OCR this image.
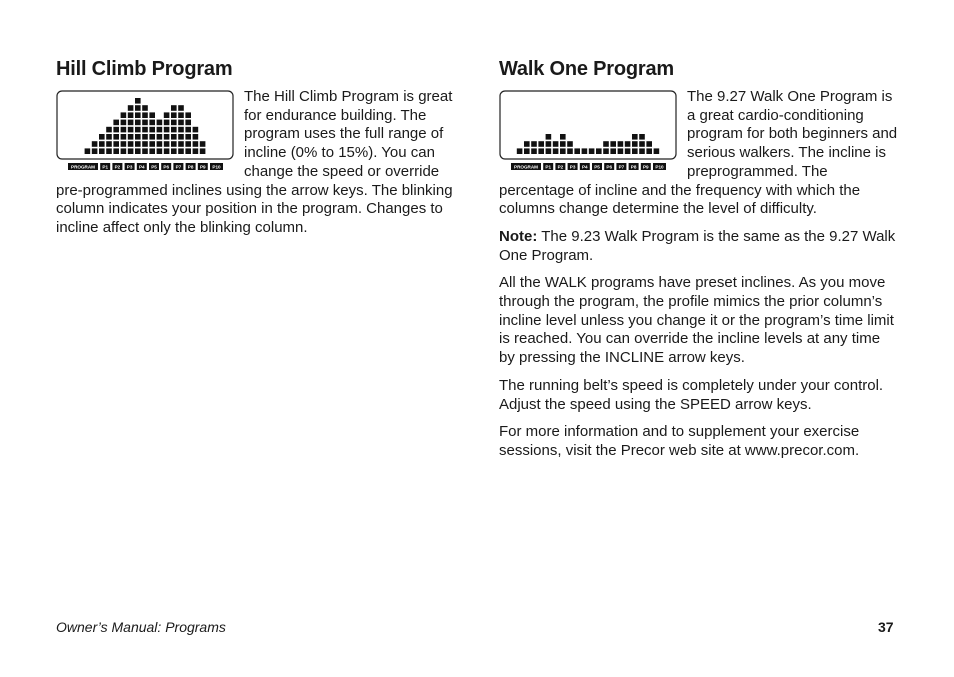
Hill Climb Program
PROGRAM P1 P2 P3 P4 P5 P6 P7 P8 P9 P10

The Hill Climb Program is great for endurance building. The program uses the full range of incline (0% to 15%). You can change the speed or override pre-programmed inclines using the arrow keys. The blinking column indicates your position in the program. Changes to incline affect only the blinking column.

Walk One Program
PROGRAM P1 P2 P3 P4 P5 P6 P7 P8 P9 P10

The 9.27 Walk One Program is a great cardio-conditioning program for both beginners and serious walkers. The incline is preprogrammed. The percentage of incline and the frequency with which the columns change determine the level of difficulty.

Note: The 9.23 Walk Program is the same as the 9.27 Walk One Program.

All the WALK programs have preset inclines. As you move through the program, the profile mimics the prior column’s incline level unless you change it or the program’s time limit is reached. You can override the incline levels at any time by pressing the INCLINE arrow keys.

The running belt’s speed is completely under your control. Adjust the speed using the SPEED arrow keys.

For more information and to supplement your exercise sessions, visit the Precor web site at www.precor.com.

Owner’s Manual: Programs	37
